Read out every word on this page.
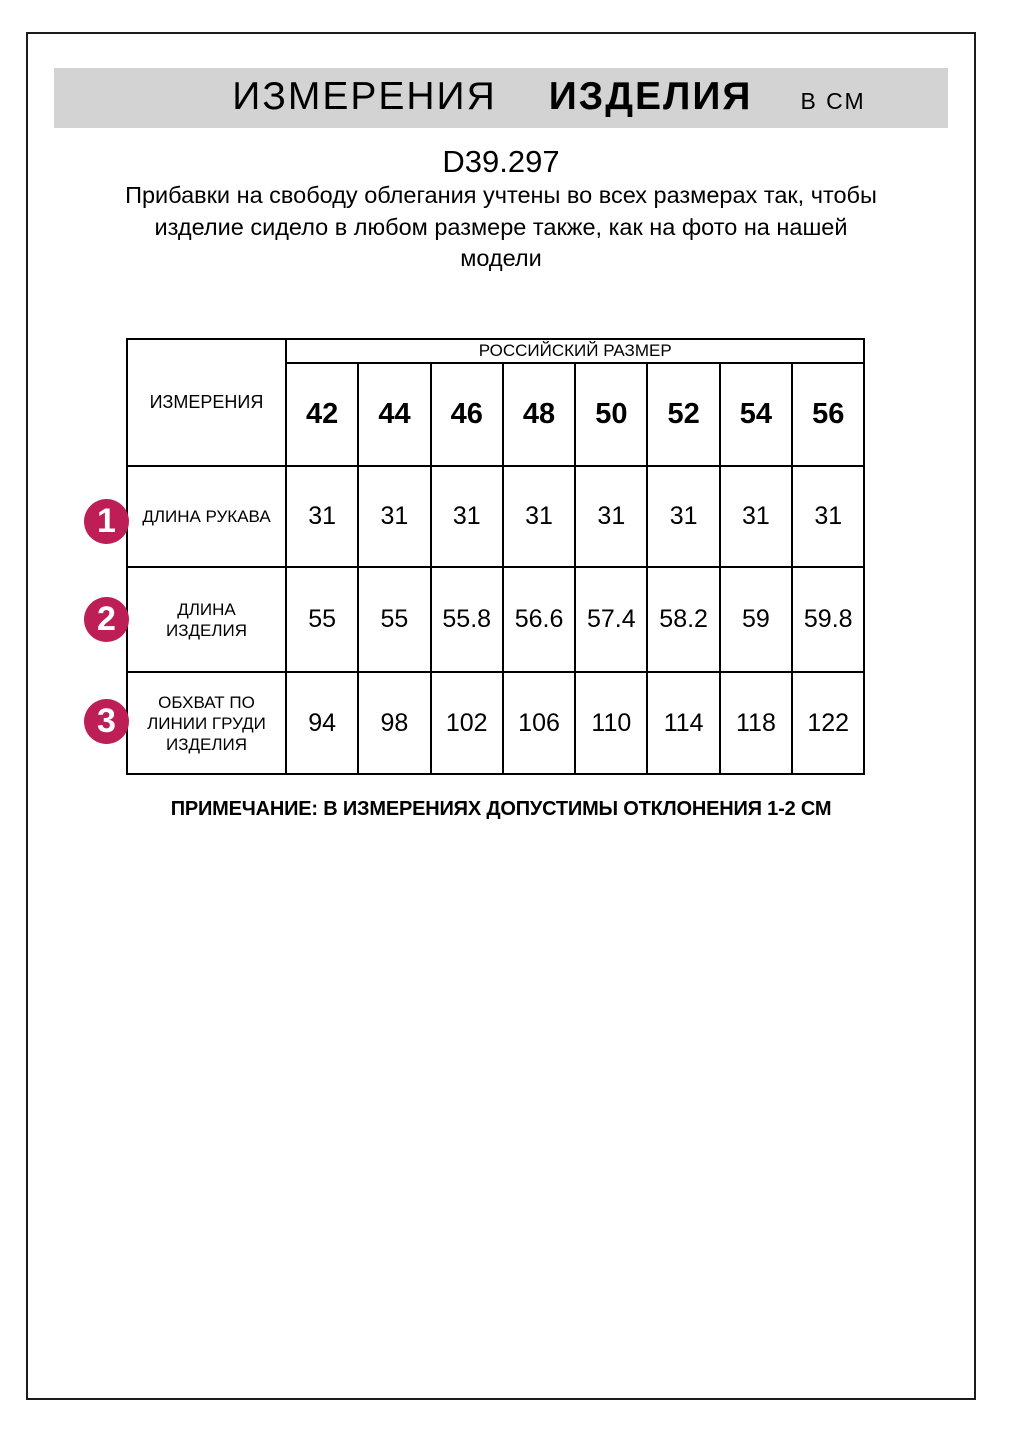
ИЗМЕРЕНИЯ ИЗДЕЛИЯ В СМ
D39.297
Прибавки на свободу облегания учтены во всех размерах так, чтобы
изделие сидело в любом размере также, как на фото на нашей
модели
ИЗМЕРЕНИЯ	РОССИЙСКИЙ РАЗМЕР							
	42	44	46	48	50	52	54	56

ДЛИНА РУКАВА	31	31	31	31	31	31	31	31

ДЛИНА
ИЗДЕЛИЯ	55	55	55.8	56.6	57.4	58.2	59	59.8

ОБХВАТ ПО
ЛИНИИ ГРУДИ
ИЗДЕЛИЯ	94	98	102	106	110	114	118	122
1
2
3
ПРИМЕЧАНИЕ: В ИЗМЕРЕНИЯХ ДОПУСТИМЫ ОТКЛОНЕНИЯ 1-2 СМ
